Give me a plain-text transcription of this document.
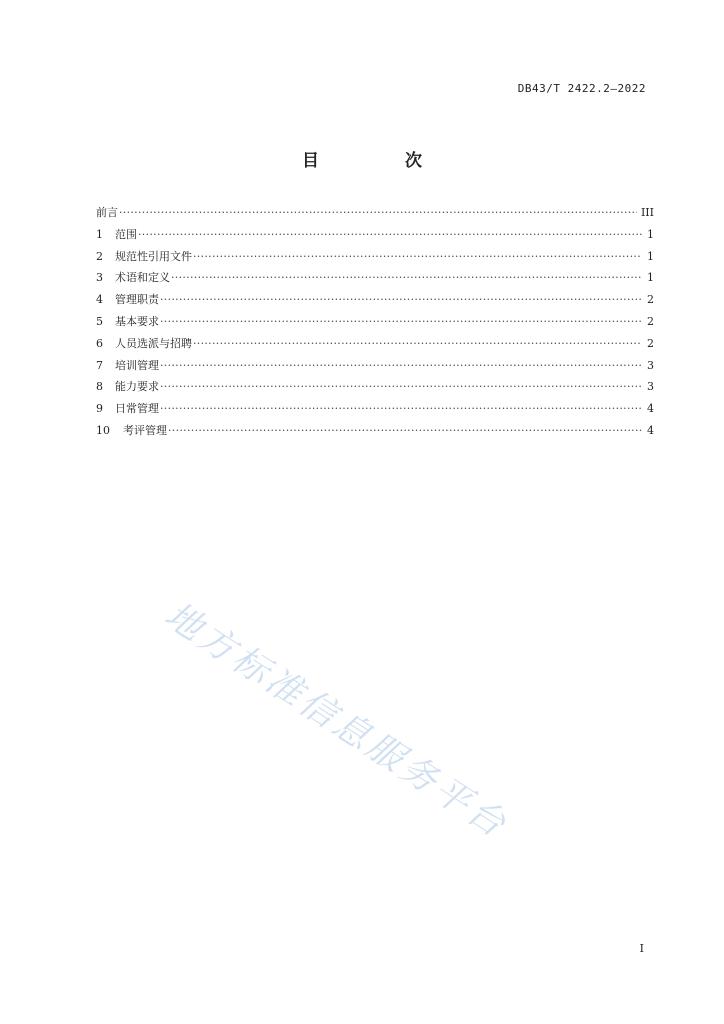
DB43/T 2422.2—2022
目 次
前言 ·····	III
1	范围 ·····	1
2	规范性引用文件 ·····	1
3	术语和定义 ·····	1
4	管理职责 ·····	2
5	基本要求 ·····	2
6	人员选派与招聘 ·····	2
7	培训管理 ·····	3
8	能力要求 ·····	3
9	日常管理 ·····	4
10	考评管理 ·····	4
地方标准信息服务平台
I
